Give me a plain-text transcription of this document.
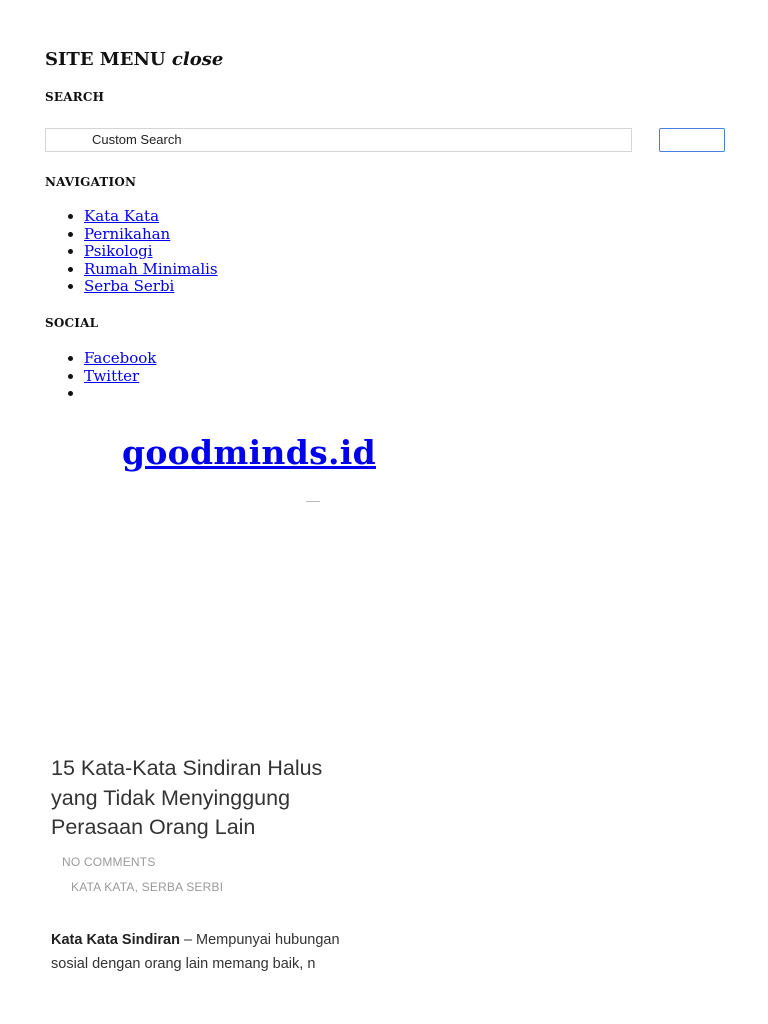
SITE MENU close
SEARCH
Custom Search
NAVIGATION
• Kata Kata
• Pernikahan
• Psikologi
• Rumah Minimalis
• Serba Serbi
SOCIAL
• Facebook
• Twitter
•
goodminds.id
15 Kata-Kata Sindiran Halus yang Tidak Menyinggung Perasaan Orang Lain
NO COMMENTS
KATA KATA, SERBA SERBI

Kata Kata Sindiran – Mempunyai hubungan sosial dengan orang lain memang baik, n
